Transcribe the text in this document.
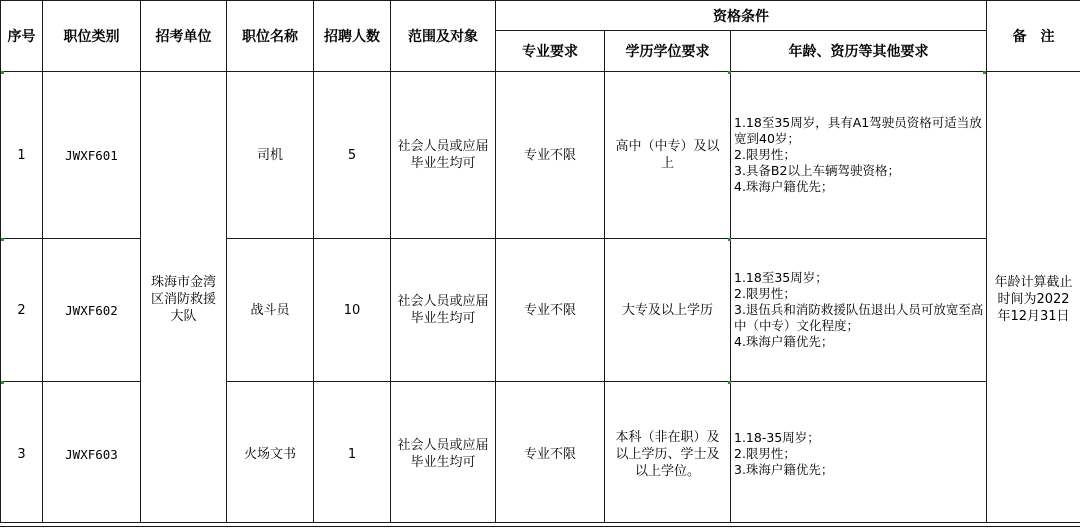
序号	职位类别	招考单位	职位名称	招聘人数	范围及对象	资格条件			备　注
						专业要求	学历学位要求	年龄、资历等其他要求	
1	JWXF601	珠海市金湾区消防救援大队	司机	5	社会人员或应届毕业生均可	专业不限	高中（中专）及以上	1.18至35周岁，具有A1驾驶员资格可适当放宽到40岁；
2.限男性；
3.具备B2以上车辆驾驶资格；
4.珠海户籍优先；	年龄计算截止时间为2022年12月31日

2	JWXF602		战斗员	10	社会人员或应届毕业生均可	专业不限	大专及以上学历	1.18至35周岁；
2.限男性；
3.退伍兵和消防救援队伍退出人员可放宽至高中（中专）文化程度；
4.珠海户籍优先；	

3	JWXF603		火场文书	1	社会人员或应届毕业生均可	专业不限	本科（非在职）及以上学历、学士及以上学位。	1.18-35周岁；
2.限男性；
3.珠海户籍优先；	
